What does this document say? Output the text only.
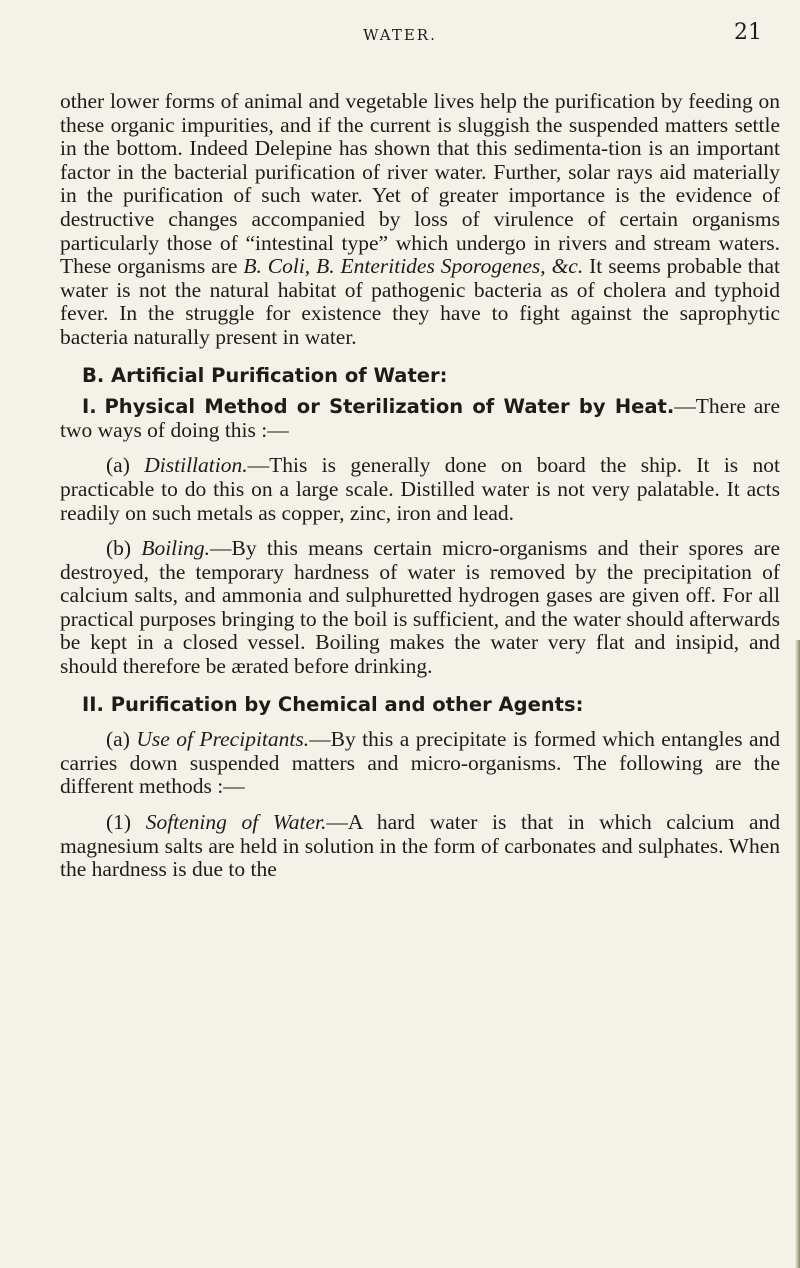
WATER.	21

other lower forms of animal and vegetable lives help the purification by feeding on these organic impurities, and if the current is sluggish the suspended matters settle in the bottom. Indeed Delepine has shown that this sedimenta-tion is an important factor in the bacterial purification of river water. Further, solar rays aid materially in the purification of such water. Yet of greater importance is the evidence of destructive changes accompanied by loss of virulence of certain organisms particularly those of “intestinal type” which undergo in rivers and stream waters. These organisms are B. Coli, B. Enteritides Sporogenes, &c. It seems probable that water is not the natural habitat of pathogenic bacteria as of cholera and typhoid fever. In the struggle for existence they have to fight against the saprophytic bacteria naturally present in water.

B. Artificial Purification of Water:

I. Physical Method or Sterilization of Water by Heat.—There are two ways of doing this :—

(a) Distillation.—This is generally done on board the ship. It is not practicable to do this on a large scale. Distilled water is not very palatable. It acts readily on such metals as copper, zinc, iron and lead.

(b) Boiling.—By this means certain micro-organisms and their spores are destroyed, the temporary hardness of water is removed by the precipitation of calcium salts, and ammonia and sulphuretted hydrogen gases are given off. For all practical purposes bringing to the boil is sufficient, and the water should afterwards be kept in a closed vessel. Boiling makes the water very flat and insipid, and should therefore be ærated before drinking.

II. Purification by Chemical and other Agents:

(a) Use of Precipitants.—By this a precipitate is formed which entangles and carries down suspended matters and micro-organisms. The following are the different methods :—

(1) Softening of Water.—A hard water is that in which calcium and magnesium salts are held in solution in the form of carbonates and sulphates. When the hardness is due to the
